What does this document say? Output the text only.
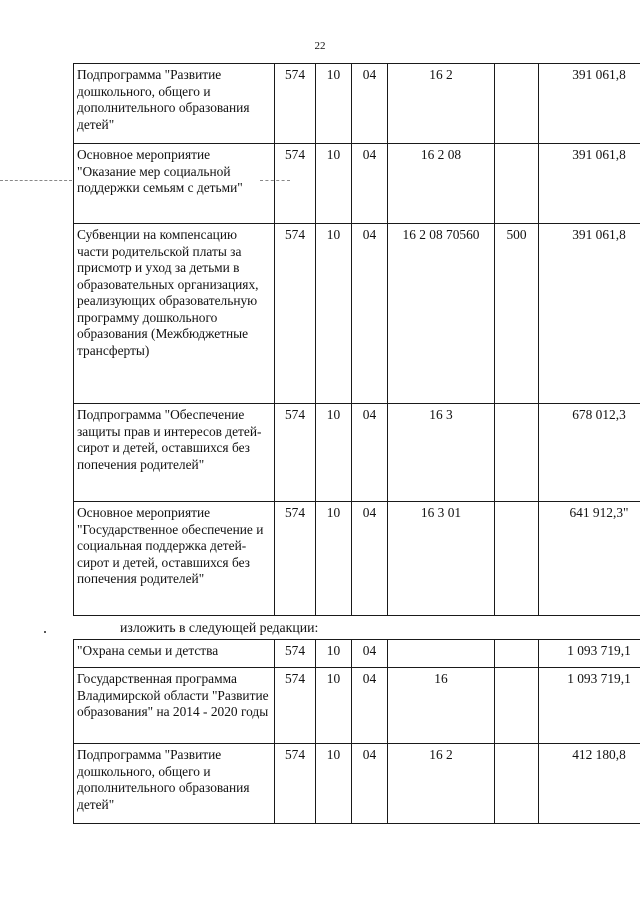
22
Подпрограмма "Развитие дошкольного, общего и дополнительного образования детей"	574	10	04	16 2		391 061,8
Основное мероприятие "Оказание мер социальной поддержки семьям с детьми"	574	10	04	16 2 08		391 061,8
Субвенции на компенсацию части родительской платы за присмотр и уход за детьми в образовательных организациях, реализующих образовательную программу дошкольного образования (Межбюджетные трансферты)	574	10	04	16 2 08 70560	500	391 061,8
Подпрограмма "Обеспечение защиты прав и интересов детей-сирот и детей, оставшихся без попечения родителей"	574	10	04	16 3		678 012,3
Основное мероприятие "Государственное обеспечение и социальная поддержка детей-сирот и детей, оставшихся без попечения родителей"	574	10	04	16 3 01		641 912,3"
изложить в следующей редакции:
"Охрана семьи и детства	574	10	04			1 093 719,1
Государственная программа Владимирской области "Развитие образования" на 2014 - 2020 годы	574	10	04	16		1 093 719,1
Подпрограмма "Развитие дошкольного, общего и дополнительного образования детей"	574	10	04	16 2		412 180,8
